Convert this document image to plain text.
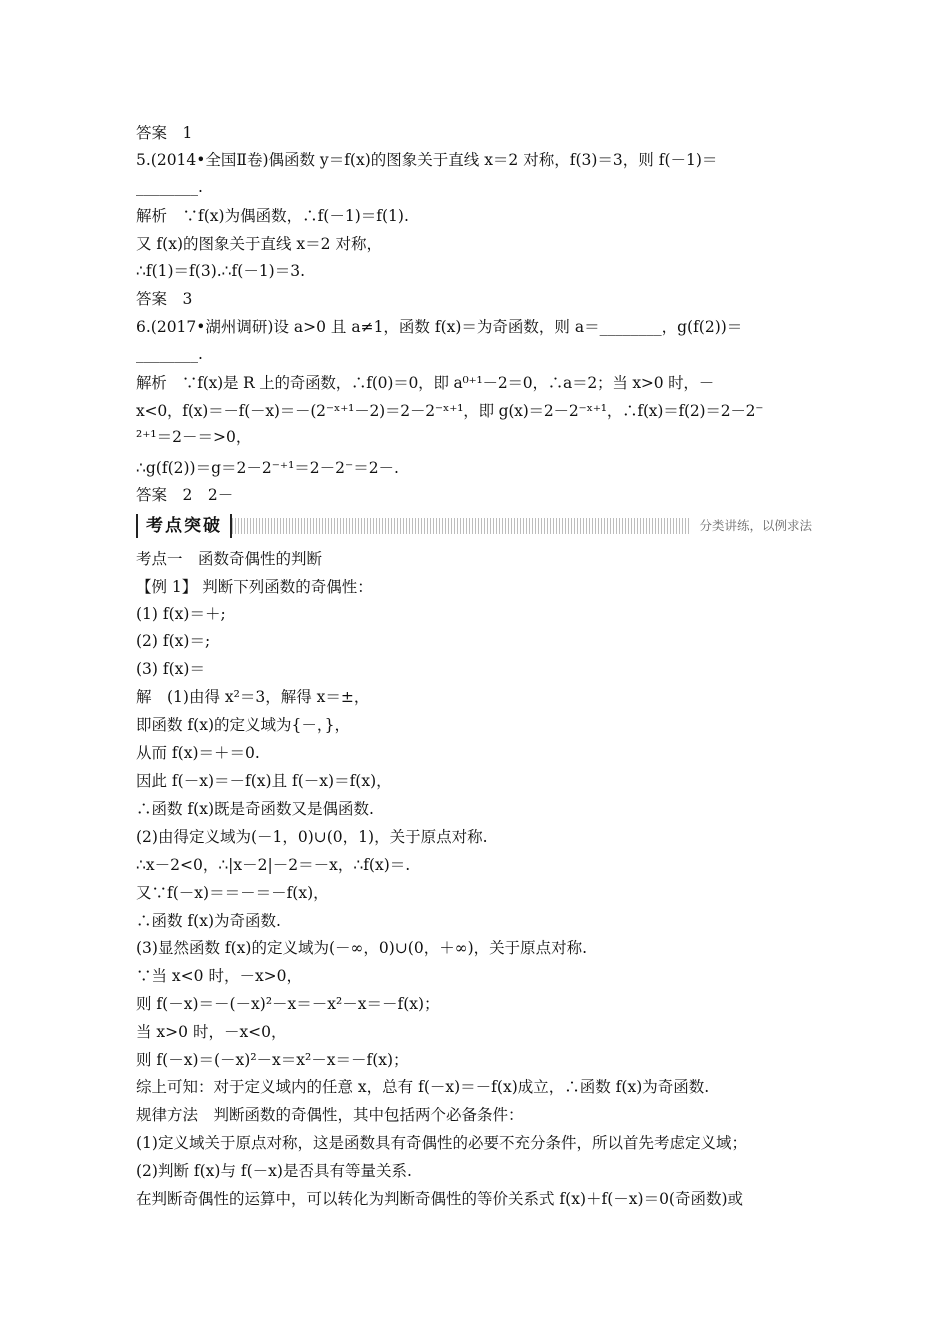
答案　1
5.(2014•全国Ⅱ卷)偶函数 y＝f(x)的图象关于直线 x＝2 对称，f(3)＝3，则 f(－1)＝
________.
解析　∵f(x)为偶函数，∴f(－1)＝f(1).
又 f(x)的图象关于直线 x＝2 对称，
∴f(1)＝f(3).∴f(－1)＝3.
答案　3
6.(2017•湖州调研)设 a>0 且 a≠1，函数 f(x)＝为奇函数，则 a＝________，g(f(2))＝
________.
解析　∵f(x)是 R 上的奇函数，∴f(0)＝0，即 a⁰⁺¹－2＝0，∴a＝2；当 x>0 时，－
x<0，f(x)＝－f(－x)＝－(2⁻ˣ⁺¹－2)＝2－2⁻ˣ⁺¹，即 g(x)＝2－2⁻ˣ⁺¹，∴f(x)＝f(2)＝2－2⁻
²⁺¹＝2－＝>0，
∴g(f(2))＝g＝2－2⁻⁺¹＝2－2⁻＝2－.
答案　2　2－
考点突破	分类讲练，以例求法
考点一　函数奇偶性的判断
【例 1】 判断下列函数的奇偶性：
(1) f(x)＝＋;
(2) f(x)＝;
(3) f(x)＝
解　(1)由得 x²＝3，解得 x＝±，
即函数 f(x)的定义域为{－，}，
从而 f(x)＝＋＝0.
因此 f(－x)＝－f(x)且 f(－x)＝f(x)，
∴函数 f(x)既是奇函数又是偶函数.
(2)由得定义域为(－1，0)∪(0，1)，关于原点对称.
∴x－2<0，∴|x－2|－2＝－x，∴f(x)＝.
又∵f(－x)＝＝－＝－f(x)，
∴函数 f(x)为奇函数.
(3)显然函数 f(x)的定义域为(－∞，0)∪(0，＋∞)，关于原点对称.
∵当 x<0 时，－x>0，
则 f(－x)＝－(－x)²－x＝－x²－x＝－f(x)；
当 x>0 时，－x<0，
则 f(－x)＝(－x)²－x＝x²－x＝－f(x)；
综上可知：对于定义域内的任意 x，总有 f(－x)＝－f(x)成立，∴函数 f(x)为奇函数.
规律方法　判断函数的奇偶性，其中包括两个必备条件：
(1)定义域关于原点对称，这是函数具有奇偶性的必要不充分条件，所以首先考虑定义域；
(2)判断 f(x)与 f(－x)是否具有等量关系.
在判断奇偶性的运算中，可以转化为判断奇偶性的等价关系式 f(x)＋f(－x)＝0(奇函数)或
